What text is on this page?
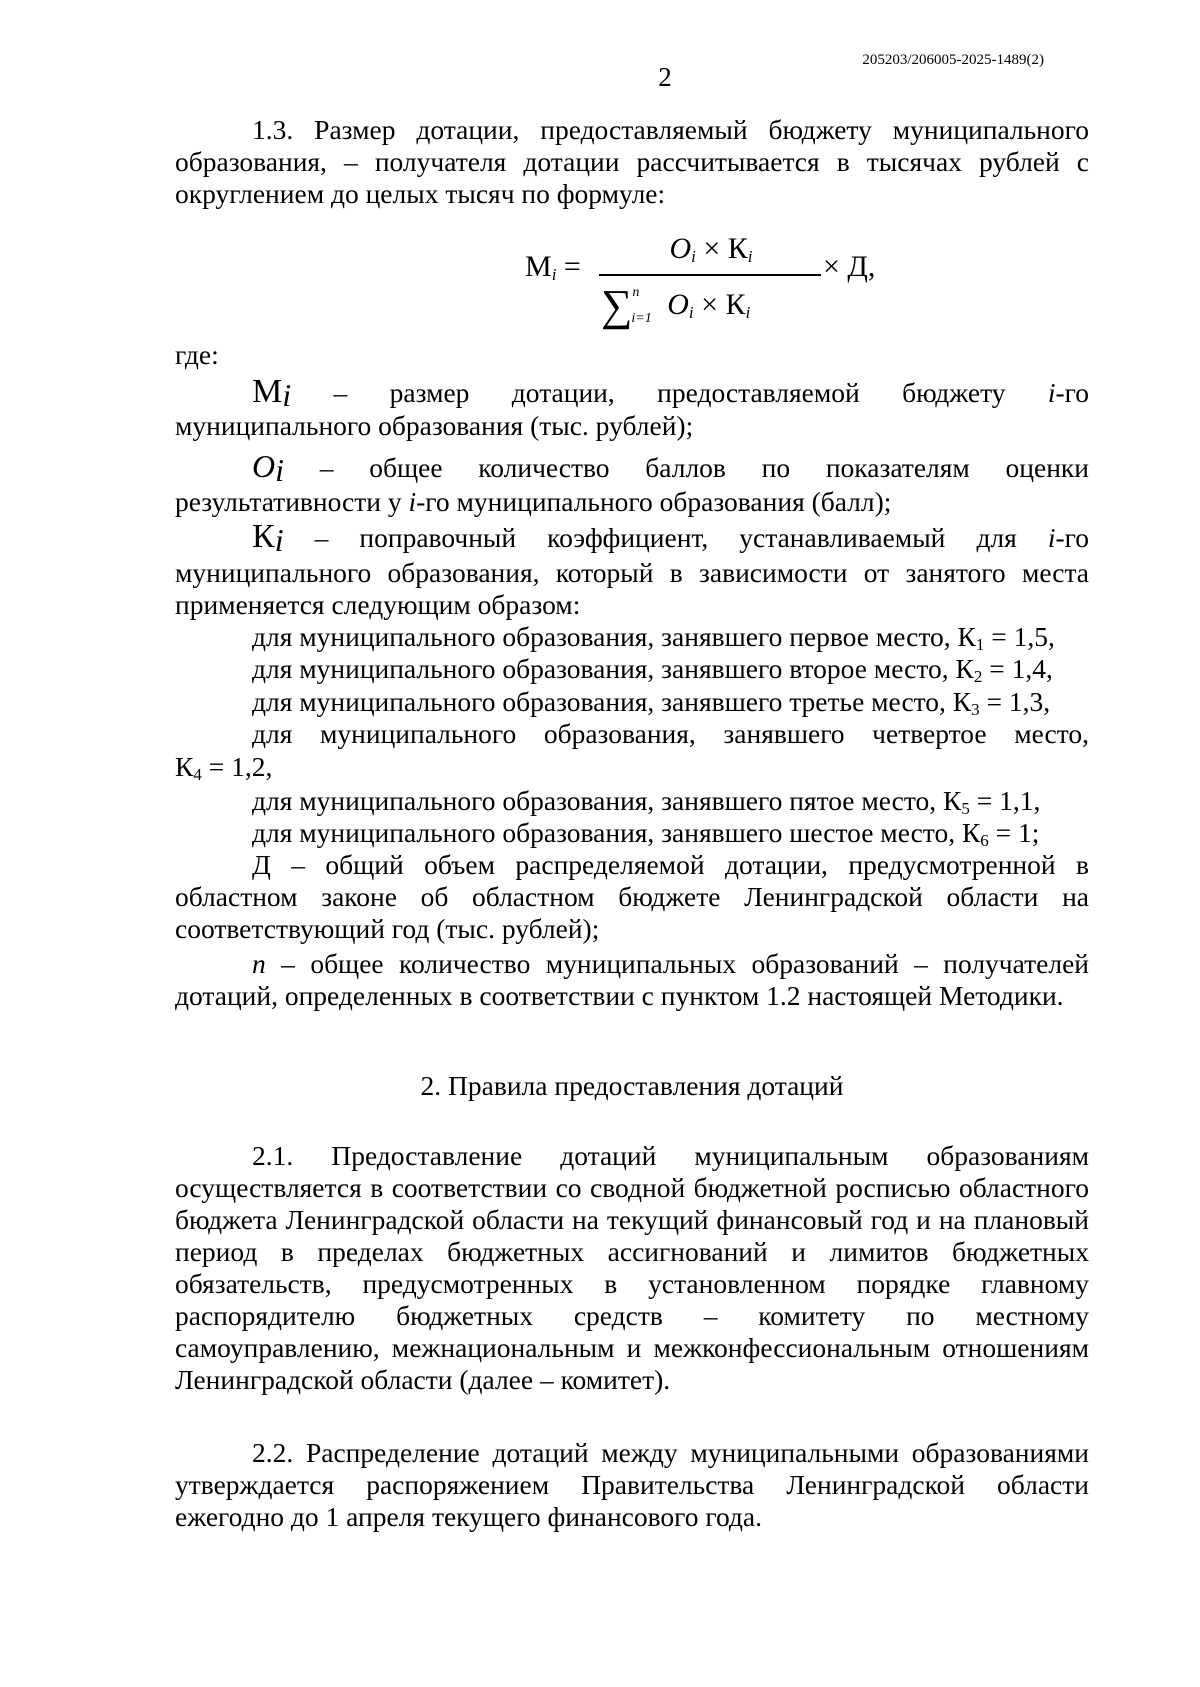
2
205203/206005-2025-1489(2)
1.3. Размер дотации, предоставляемый бюджету муниципального образования, – получателя дотации рассчитывается в тысячах рублей с округлением до целых тысяч по формуле:
$М_i$ =
$O_i \times К_i$
∑$^n_{i=1}$ $O_i \times К_i$
× Д,
где:
Мi – размер дотации, предоставляемой бюджету i-го
муниципального образования (тыс. рублей);
Oi – общее количество баллов по показателям оценки
результативности у i-го муниципального образования (балл);
Кi – поправочный коэффициент, устанавливаемый для i-го
муниципального образования, который в зависимости от занятого места применяется следующим образом:
для муниципального образования, занявшего первое место, $К_1 = 1,5$,
для муниципального образования, занявшего второе место, $К_2 = 1,4$,
для муниципального образования, занявшего третье место, $К_3 = 1,3$,
для муниципального образования, занявшего четвертое место,
$К_4 = 1,2$,
для муниципального образования, занявшего пятое место, $К_5 = 1,1$,
для муниципального образования, занявшего шестое место, $К_6 = 1$;
Д – общий объем распределяемой дотации, предусмотренной в областном законе об областном бюджете Ленинградской области на соответствующий год (тыс. рублей);
n – общее количество муниципальных образований – получателей дотаций, определенных в соответствии с пунктом 1.2 настоящей Методики.
2. Правила предоставления дотаций
2.1. Предоставление дотаций муниципальным образованиям осуществляется в соответствии со сводной бюджетной росписью областного бюджета Ленинградской области на текущий финансовый год и на плановый период в пределах бюджетных ассигнований и лимитов бюджетных обязательств, предусмотренных в установленном порядке главному распорядителю бюджетных средств – комитету по местному самоуправлению, межнациональным и межконфессиональным отношениям Ленинградской области (далее – комитет).
2.2. Распределение дотаций между муниципальными образованиями утверждается распоряжением Правительства Ленинградской области ежегодно до 1 апреля текущего финансового года.
